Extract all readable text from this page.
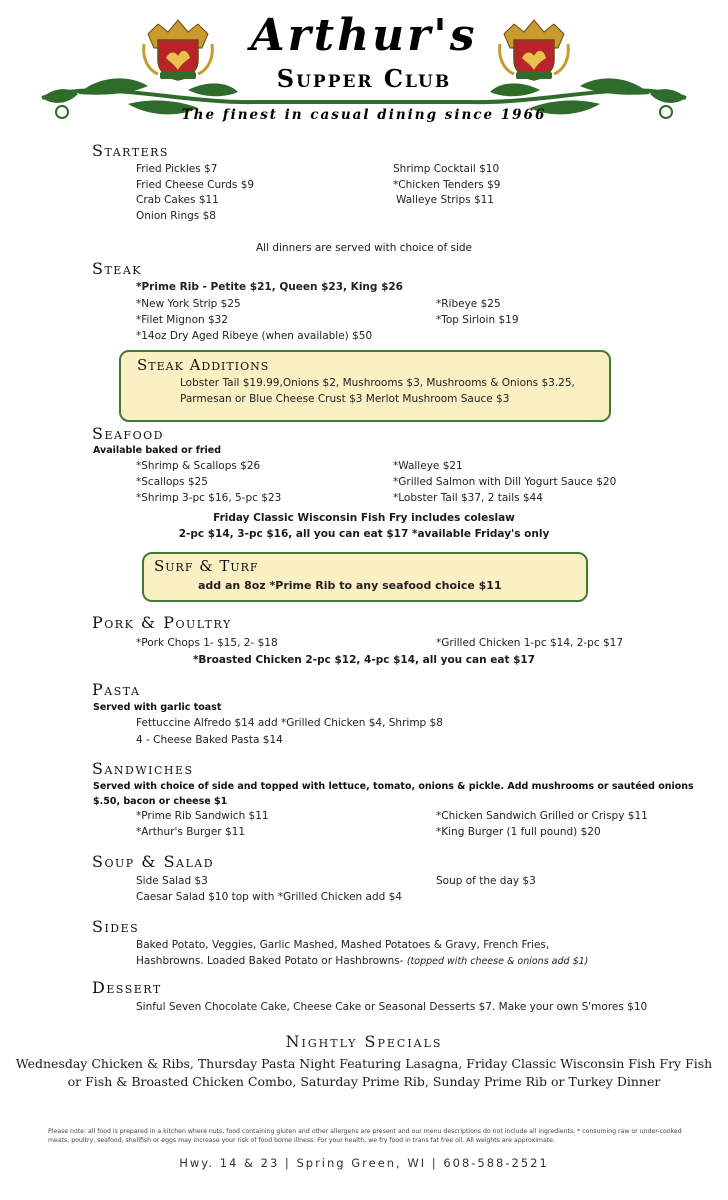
Arthur's
Supper Club
The finest in casual dining since 1966
Starters
Fried Pickles $7
Fried Cheese Curds $9
Crab Cakes $11
Onion Rings $8
Shrimp Cocktail $10
*Chicken Tenders $9
Walleye Strips $11
All dinners are served with choice of side
Steak
*Prime Rib - Petite $21, Queen $23, King $26
*New York Strip $25
*Filet Mignon $32
*14oz Dry Aged Ribeye (when available) $50
*Ribeye $25
*Top Sirloin $19
Steak Additions
Lobster Tail $19.99,Onions $2, Mushrooms $3, Mushrooms & Onions $3.25,
Parmesan or Blue Cheese Crust $3 Merlot Mushroom Sauce $3
Seafood
Available baked or fried
*Shrimp & Scallops $26
*Scallops $25
*Shrimp 3-pc $16, 5-pc $23
*Walleye $21
*Grilled Salmon with Dill Yogurt Sauce $20
*Lobster Tail $37, 2 tails $44
Friday Classic Wisconsin Fish Fry includes coleslaw
2-pc $14, 3-pc $16, all you can eat $17 *available Friday's only
Surf & Turf
add an 8oz *Prime Rib to any seafood choice $11
Pork & Poultry
*Pork Chops 1- $15, 2- $18	*Grilled Chicken 1-pc $14, 2-pc $17
*Broasted Chicken 2-pc $12, 4-pc $14, all you can eat $17
Pasta
Served with garlic toast
Fettuccine Alfredo $14 add *Grilled Chicken $4, Shrimp $8
4 - Cheese Baked Pasta $14
Sandwiches
Served with choice of side and topped with lettuce, tomato, onions & pickle. Add mushrooms or sautéed onions
$.50, bacon or cheese $1
*Prime Rib Sandwich $11
*Arthur's Burger $11
*Chicken Sandwich Grilled or Crispy $11
*King Burger (1 full pound) $20
Soup & Salad
Side Salad $3
Caesar Salad $10 top with *Grilled Chicken add $4
Soup of the day $3
Sides
Baked Potato, Veggies, Garlic Mashed, Mashed Potatoes & Gravy, French Fries,
Hashbrowns. Loaded Baked Potato or Hashbrowns- (topped with cheese & onions add $1)
Dessert
Sinful Seven Chocolate Cake, Cheese Cake or Seasonal Desserts $7. Make your own S'mores $10
Nightly Specials
Wednesday Chicken & Ribs, Thursday Pasta Night Featuring Lasagna, Friday Classic Wisconsin Fish Fry Fish
or Fish & Broasted Chicken Combo, Saturday Prime Rib, Sunday Prime Rib or Turkey Dinner
Please note: all food is prepared in a kitchen where nuts, food containing gluten and other allergens are present and our menu descriptions do not include all ingredients. * consuming raw or under-cooked meats, poultry, seafood, shellfish or eggs may increase your risk of food borne illness. For your health, we fry food in trans fat free oil. All weights are approximate.
Hwy. 14 & 23 | Spring Green, WI | 608-588-2521
